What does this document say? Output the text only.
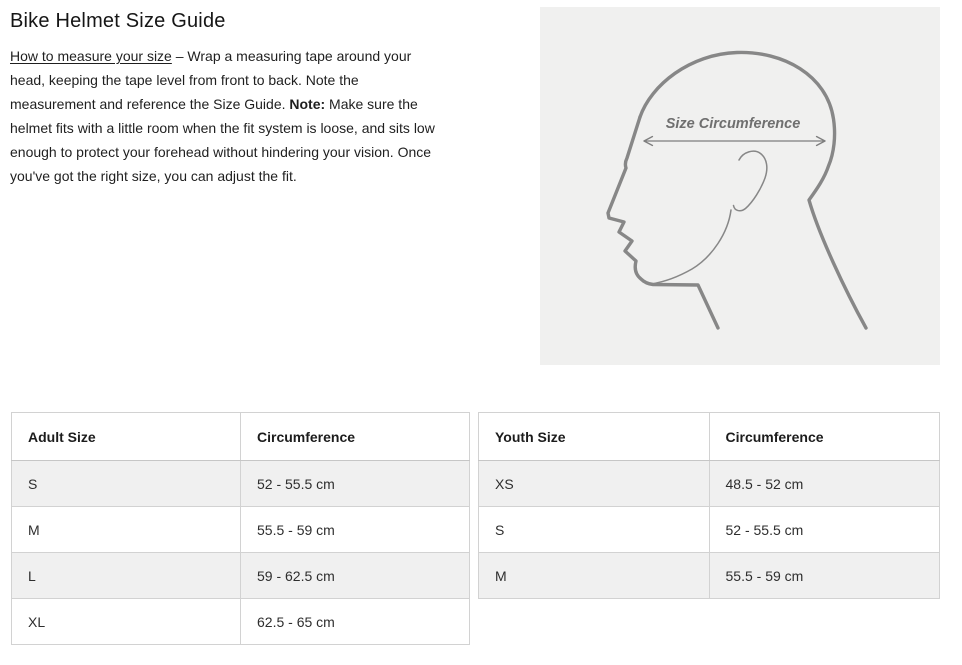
Bike Helmet Size Guide

How to measure your size – Wrap a measuring tape around your head, keeping the tape level from front to back. Note the measurement and reference the Size Guide. Note: Make sure the helmet fits with a little room when the fit system is loose, and sits low enough to protect your forehead without hindering your vision. Once you've got the right size, you can adjust the fit.

Size Circumference
Adult Size	Circumference
S	52 - 55.5 cm
M	55.5 - 59 cm
L	59 - 62.5 cm
XL	62.5 - 65 cm
Youth Size	Circumference
XS	48.5 - 52 cm
S	52 - 55.5 cm
M	55.5 - 59 cm
